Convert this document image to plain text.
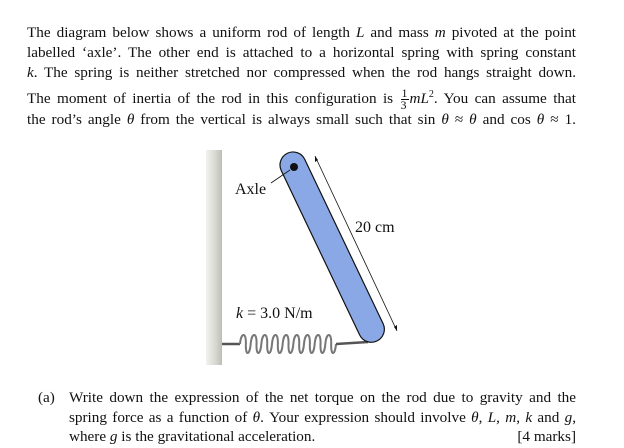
The diagram below shows a uniform rod of length L and mass m pivoted at the point
labelled ‘axle’. The other end is attached to a horizontal spring with spring constant
k. The spring is neither stretched nor compressed when the rod hangs straight down.
The moment of inertia of the rod in this configuration is $\frac{1}{3} mL^2$. You can assume that
the rod’s angle θ from the vertical is always small such that sin θ ≈ θ and cos θ ≈ 1.
Axle
20 cm
k = 3.0 N/m
(a) Write down the expression of the net torque on the rod due to gravity and the
spring force as a function of θ. Your expression should involve θ, L, m, k and g,
where g is the gravitational acceleration.	[4 marks]
